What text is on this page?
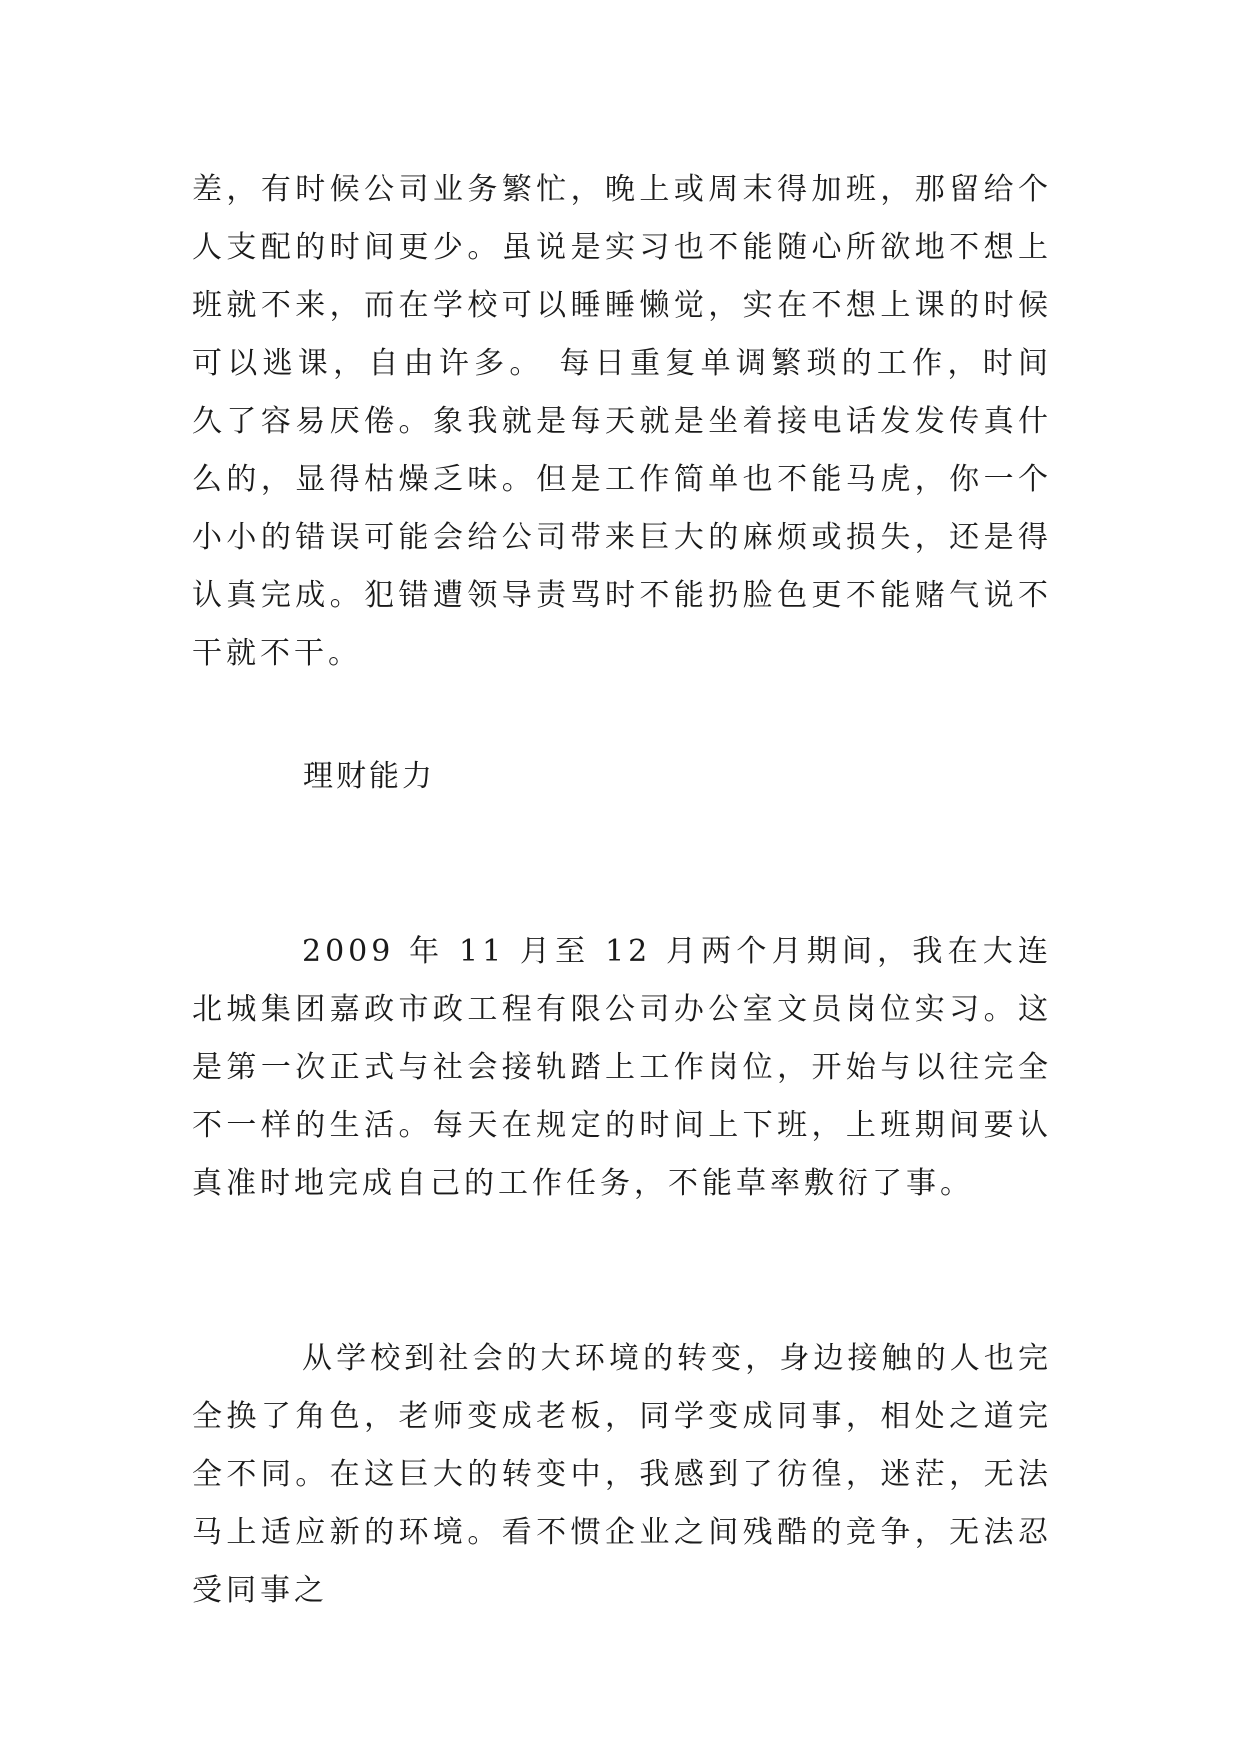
差，有时候公司业务繁忙，晚上或周末得加班，那留给个人支配的时间更少。虽说是实习也不能随心所欲地不想上班就不来，而在学校可以睡睡懒觉，实在不想上课的时候可以逃课，自由许多。 每日重复单调繁琐的工作，时间久了容易厌倦。象我就是每天就是坐着接电话发发传真什么的，显得枯燥乏味。但是工作简单也不能马虎，你一个小小的错误可能会给公司带来巨大的麻烦或损失，还是得认真完成。犯错遭领导责骂时不能扔脸色更不能赌气说不干就不干。

理财能力

2009 年 11 月至 12 月两个月期间，我在大连北城集团嘉政市政工程有限公司办公室文员岗位实习。这是第一次正式与社会接轨踏上工作岗位，开始与以往完全不一样的生活。每天在规定的时间上下班，上班期间要认真准时地完成自己的工作任务，不能草率敷衍了事。

从学校到社会的大环境的转变，身边接触的人也完全换了角色，老师变成老板，同学变成同事，相处之道完全不同。在这巨大的转变中，我感到了彷徨，迷茫，无法马上适应新的环境。看不惯企业之间残酷的竞争，无法忍受同事之
